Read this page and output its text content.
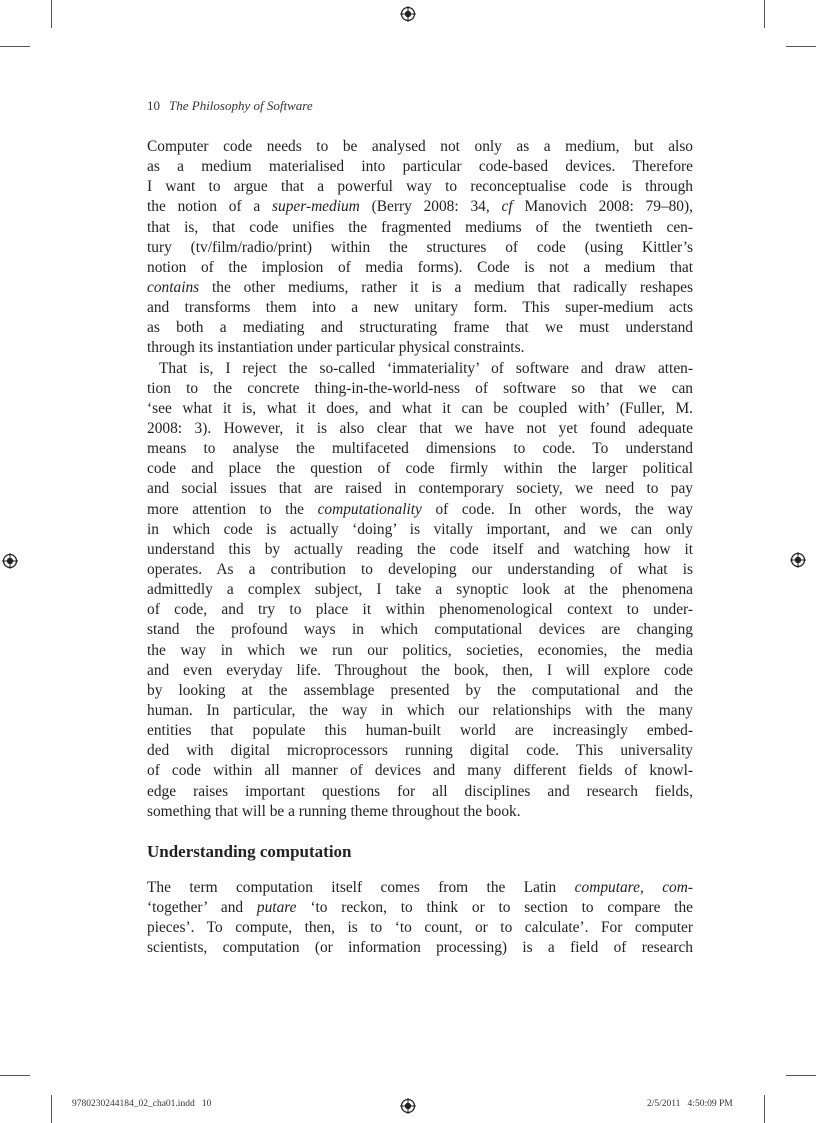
10 The Philosophy of Software
Computer code needs to be analysed not only as a medium, but also
as a medium materialised into particular code-based devices. Therefore
I want to argue that a powerful way to reconceptualise code is through
the notion of a super-medium (Berry 2008: 34, cf Manovich 2008: 79–80),
that is, that code unifies the fragmented mediums of the twentieth cen-
tury (tv/film/radio/print) within the structures of code (using Kittler’s
notion of the implosion of media forms). Code is not a medium that
contains the other mediums, rather it is a medium that radically reshapes
and transforms them into a new unitary form. This super-medium acts
as both a mediating and structurating frame that we must understand
through its instantiation under particular physical constraints.
That is, I reject the so-called ‘immateriality’ of software and draw atten-
tion to the concrete thing-in-the-world-ness of software so that we can
‘see what it is, what it does, and what it can be coupled with’ (Fuller, M.
2008: 3). However, it is also clear that we have not yet found adequate
means to analyse the multifaceted dimensions to code. To understand
code and place the question of code firmly within the larger political
and social issues that are raised in contemporary society, we need to pay
more attention to the computationality of code. In other words, the way
in which code is actually ‘doing’ is vitally important, and we can only
understand this by actually reading the code itself and watching how it
operates. As a contribution to developing our understanding of what is
admittedly a complex subject, I take a synoptic look at the phenomena
of code, and try to place it within phenomenological context to under-
stand the profound ways in which computational devices are changing
the way in which we run our politics, societies, economies, the media
and even everyday life. Throughout the book, then, I will explore code
by looking at the assemblage presented by the computational and the
human. In particular, the way in which our relationships with the many
entities that populate this human-built world are increasingly embed-
ded with digital microprocessors running digital code. This universality
of code within all manner of devices and many different fields of knowl-
edge raises important questions for all disciplines and research fields,
something that will be a running theme throughout the book.
Understanding computation
The term computation itself comes from the Latin computare, com-
‘together’ and putare ‘to reckon, to think or to section to compare the
pieces’. To compute, then, is to ‘to count, or to calculate’. For computer
scientists, computation (or information processing) is a field of research
9780230244184_02_cha01.indd   10	2/5/2011   4:50:09 PM
